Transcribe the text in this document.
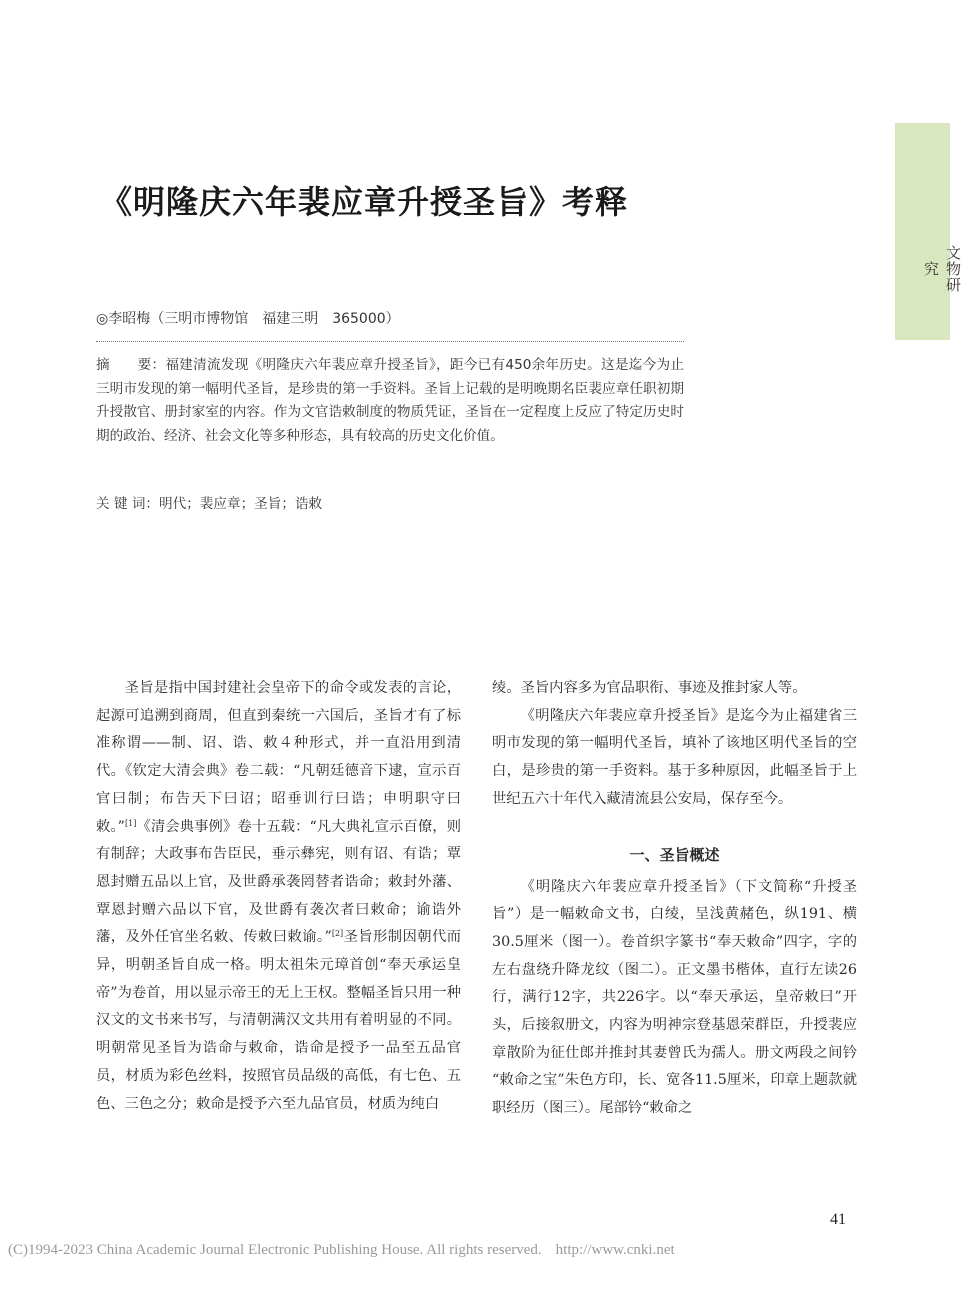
文物研究
《明隆庆六年裴应章升授圣旨》考释
◎李昭梅（三明市博物馆　福建三明　365000）
摘　　要：福建清流发现《明隆庆六年裴应章升授圣旨》，距今已有450余年历史。这是迄今为止三明市发现的第一幅明代圣旨，是珍贵的第一手资料。圣旨上记载的是明晚期名臣裴应章任职初期升授散官、册封家室的内容。作为文官诰敕制度的物质凭证，圣旨在一定程度上反应了特定历史时期的政治、经济、社会文化等多种形态，具有较高的历史文化价值。
关 键 词：明代；裴应章；圣旨；诰敕

圣旨是指中国封建社会皇帝下的命令或发表的言论，起源可追溯到商周，但直到秦统一六国后，圣旨才有了标准称谓——制、诏、诰、敕４种形式，并一直沿用到清代。《钦定大清会典》卷二载：“凡朝廷德音下逮，宣示百官曰制；布告天下曰诏；昭垂训行曰诰；申明职守曰敕。”[1]《清会典事例》卷十五载：“凡大典礼宣示百僚，则有制辞；大政事布告臣民，垂示彝宪，则有诏、有诰；覃恩封赠五品以上官，及世爵承袭罔替者诰命；敕封外藩、覃恩封赠六品以下官，及世爵有袭次者曰敕命；谕诰外藩，及外任官坐名敕、传敕曰敕谕。”[2]圣旨形制因朝代而异，明朝圣旨自成一格。明太祖朱元璋首创“奉天承运皇帝”为卷首，用以显示帝王的无上王权。整幅圣旨只用一种汉文的文书来书写，与清朝满汉文共用有着明显的不同。明朝常见圣旨为诰命与敕命，诰命是授予一品至五品官员，材质为彩色丝料，按照官员品级的高低，有七色、五色、三色之分；敕命是授予六至九品官员，材质为纯白

绫。圣旨内容多为官品职衔、事迹及推封家人等。

《明隆庆六年裴应章升授圣旨》是迄今为止福建省三明市发现的第一幅明代圣旨，填补了该地区明代圣旨的空白，是珍贵的第一手资料。基于多种原因，此幅圣旨于上世纪五六十年代入藏清流县公安局，保存至今。

一、圣旨概述

《明隆庆六年裴应章升授圣旨》（下文简称“升授圣旨”）是一幅敕命文书，白绫，呈浅黄赭色，纵191、横30.5厘米（图一）。卷首织字篆书“奉天敕命”四字，字的左右盘绕升降龙纹（图二）。正文墨书楷体，直行左读26行，满行12字，共226字。以“奉天承运，皇帝敕曰”开头，后接叙册文，内容为明神宗登基恩荣群臣，升授裴应章散阶为征仕郎并推封其妻曾氏为孺人。册文两段之间钤 “敕命之宝”朱色方印，长、宽各11.5厘米，印章上题款就职经历（图三）。尾部钤“敕命之

41
(C)1994-2023 China Academic Journal Electronic Publishing House. All rights reserved. http://www.cnki.net
